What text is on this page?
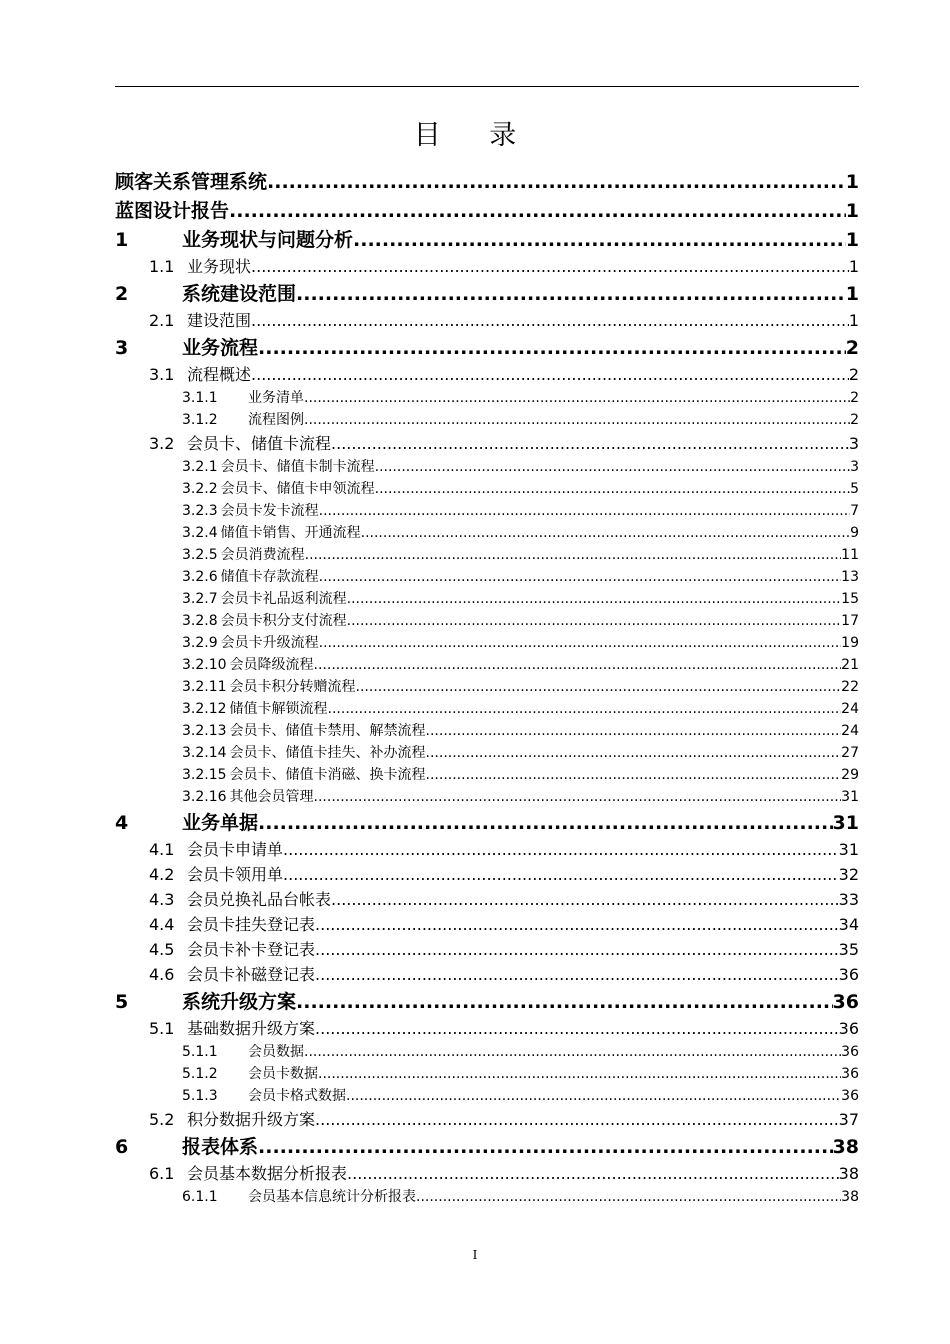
目 录
顾客关系管理系统 .....	1
蓝图设计报告 .....	1
1	业务现状与问题分析 .....	1
1.1 业务现状 .....	1
2	系统建设范围 .....	1
2.1 建设范围 .....	1
3	业务流程 .....	2
3.1 流程概述 .....	2
3.1.1	业务清单 .....	2
3.1.2	流程图例 .....	2
3.2 会员卡、储值卡流程 .....	3
3.2.1 会员卡、储值卡制卡流程 .....	3
3.2.2 会员卡、储值卡申领流程 .....	5
3.2.3 会员卡发卡流程 .....	7
3.2.4 储值卡销售、开通流程 .....	9
3.2.5 会员消费流程 .....	11
3.2.6 储值卡存款流程 .....	13
3.2.7 会员卡礼品返利流程 .....	15
3.2.8 会员卡积分支付流程 .....	17
3.2.9 会员卡升级流程 .....	19
3.2.10 会员降级流程 .....	21
3.2.11 会员卡积分转赠流程 .....	22
3.2.12 储值卡解锁流程 .....	24
3.2.13 会员卡、储值卡禁用、解禁流程 .....	24
3.2.14 会员卡、储值卡挂失、补办流程 .....	27
3.2.15 会员卡、储值卡消磁、换卡流程 .....	29
3.2.16 其他会员管理 .....	31
4	业务单据 .....	31
4.1 会员卡申请单 .....	31
4.2 会员卡领用单 .....	32
4.3 会员兑换礼品台帐表 .....	33
4.4 会员卡挂失登记表 .....	34
4.5 会员卡补卡登记表 .....	35
4.6 会员卡补磁登记表 .....	36
5	系统升级方案 .....	36
5.1 基础数据升级方案 .....	36
5.1.1	会员数据 .....	36
5.1.2	会员卡数据 .....	36
5.1.3	会员卡格式数据 .....	36
5.2 积分数据升级方案 .....	37
6	报表体系 .....	38
6.1 会员基本数据分析报表 .....	38
6.1.1	会员基本信息统计分析报表 .....	38
I
